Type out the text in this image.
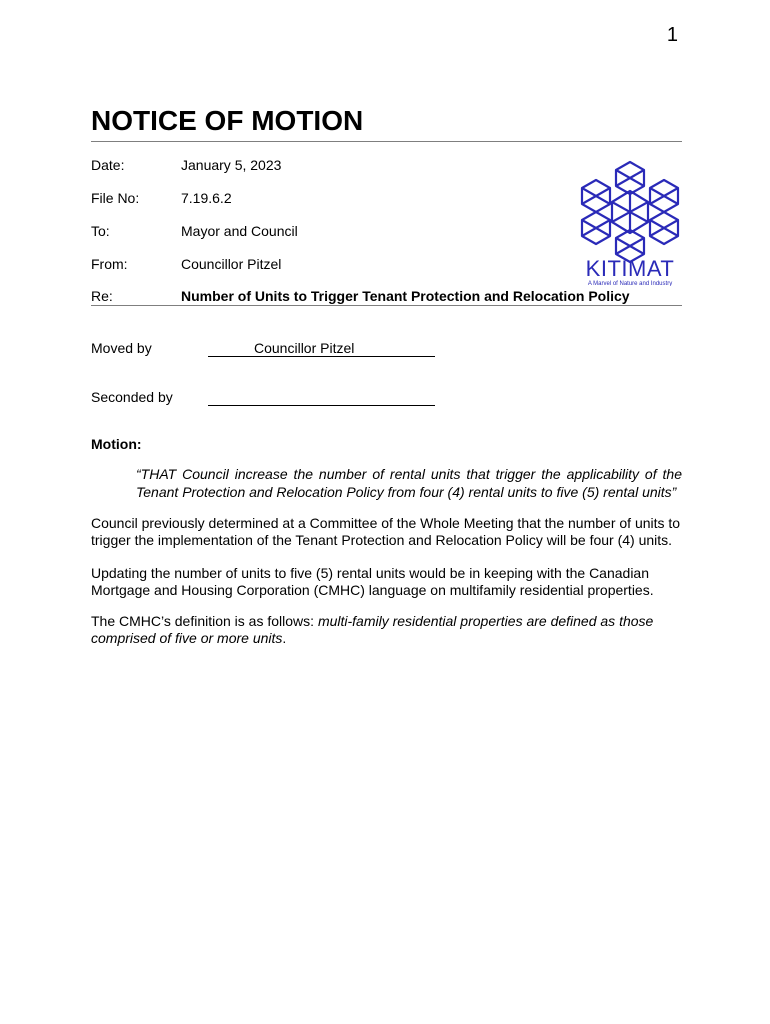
1
NOTICE OF MOTION
Date:	January 5, 2023
File No:	7.19.6.2
To:	Mayor and Council
From:	Councillor Pitzel
Re:	Number of Units to Trigger Tenant Protection and Relocation Policy
KITIMAT
A Marvel of Nature and Industry
Moved by	Councillor Pitzel
Seconded by
Motion:

“THAT Council increase the number of rental units that trigger the applicability of the Tenant Protection and Relocation Policy from four (4) rental units to five (5) rental units”

Council previously determined at a Committee of the Whole Meeting that the number of units to trigger the implementation of the Tenant Protection and Relocation Policy will be four (4) units.

Updating the number of units to five (5) rental units would be in keeping with the Canadian Mortgage and Housing Corporation (CMHC) language on multifamily residential properties.

The CMHC’s definition is as follows: multi-family residential properties are defined as those comprised of five or more units.
